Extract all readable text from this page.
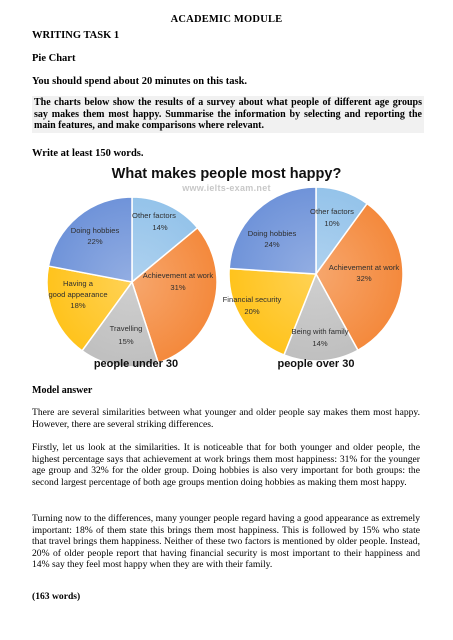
ACADEMIC MODULE
WRITING TASK 1
Pie Chart
You should spend about 20 minutes on this task.
The charts below show the results of a survey about what people of different age groups say makes them most happy. Summarise the information by selecting and reporting the main features, and make comparisons where relevant.
Write at least 150 words.
What makes people most happy?
www.ielts-exam.net
Other factors 14%
Achievement at work 31%
Travelling 15%
Having a good appearance 18%
Doing hobbies 22%
Other factors 10%
Achievement at work 32%
Being with family 14%
Financial security 20%
Doing hobbies 24%
people under 30	people over 30
Model answer
There are several similarities between what younger and older people say makes them most happy. However, there are several striking differences.
Firstly, let us look at the similarities. It is noticeable that for both younger and older people, the highest percentage says that achievement at work brings them most happiness: 31% for the younger age group and 32% for the older group. Doing hobbies is also very important for both groups: the second largest percentage of both age groups mention doing hobbies as making them most happy.
Turning now to the differences, many younger people regard having a good appearance as extremely important: 18% of them state this brings them most happiness. This is followed by 15% who state that travel brings them happiness. Neither of these two factors is mentioned by older people. Instead, 20% of older people report that having financial security is most important to their happiness and 14% say they feel most happy when they are with their family.
(163 words)
